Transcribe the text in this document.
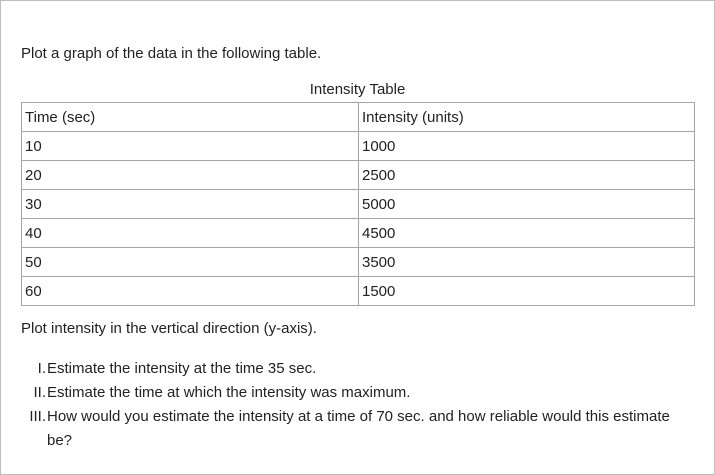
Plot a graph of the data in the following table.

Intensity Table
Time (sec)	Intensity (units)
10	1000
20	2500
30	5000
40	4500
50	3500
60	1500

Plot intensity in the vertical direction (y-axis).

I. Estimate the intensity at the time 35 sec.
II. Estimate the time at which the intensity was maximum.
III. How would you estimate the intensity at a time of 70 sec. and how reliable would this estimate be?
